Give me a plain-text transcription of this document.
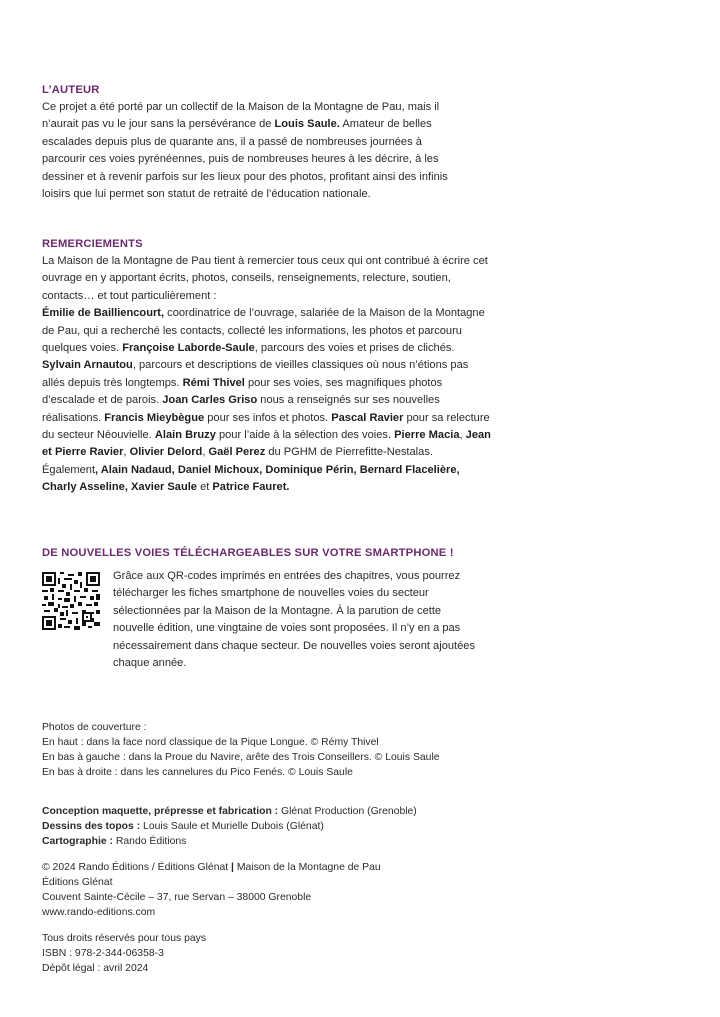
L’AUTEUR

Ce projet a été porté par un collectif de la Maison de la Montagne de Pau, mais il n’aurait pas vu le jour sans la persévérance de Louis Saule. Amateur de belles escalades depuis plus de quarante ans, il a passé de nombreuses journées à parcourir ces voies pyrénéennes, puis de nombreuses heures à les décrire, à les dessiner et à revenir parfois sur les lieux pour des photos, profitant ainsi des infinis loisirs que lui permet son statut de retraité de l’éducation nationale.

REMERCIEMENTS

La Maison de la Montagne de Pau tient à remercier tous ceux qui ont contribué à écrire cet ouvrage en y apportant écrits, photos, conseils, renseignements, relecture, soutien, contacts… et tout particulièrement :

Émilie de Bailliencourt, coordinatrice de l’ouvrage, salariée de la Maison de la Montagne de Pau, qui a recherché les contacts, collecté les informations, les photos et parcouru quelques voies. Françoise Laborde-Saule, parcours des voies et prises de clichés. Sylvain Arnautou, parcours et descriptions de vieilles classiques où nous n’étions pas allés depuis très longtemps. Rémi Thivel pour ses voies, ses magnifiques photos d’escalade et de parois. Joan Carles Griso nous a renseignés sur ses nouvelles réalisations. Francis Mieybègue pour ses infos et photos. Pascal Ravier pour sa relecture du secteur Néouvielle. Alain Bruzy pour l’aide à la sélection des voies. Pierre Macia, Jean et Pierre Ravier, Olivier Delord, Gaël Perez du PGHM de Pierrefitte-Nestalas.

Également, Alain Nadaud, Daniel Michoux, Dominique Périn, Bernard Flacelière, Charly Asseline, Xavier Saule et Patrice Fauret.

DE NOUVELLES VOIES TÉLÉCHARGEABLES SUR VOTRE SMARTPHONE !

Grâce aux QR-codes imprimés en entrées des chapitres, vous pourrez télécharger les fiches smartphone de nouvelles voies du secteur sélectionnées par la Maison de la Montagne. À la parution de cette nouvelle édition, une vingtaine de voies sont proposées. Il n’y en a pas nécessairement dans chaque secteur. De nouvelles voies seront ajoutées chaque année.

Photos de couverture :

En haut : dans la face nord classique de la Pique Longue. © Rémy Thivel

En bas à gauche : dans la Proue du Navire, arête des Trois Conseillers. © Louis Saule

En bas à droite : dans les cannelures du Pico Fenés. © Louis Saule

Conception maquette, prépresse et fabrication : Glénat Production (Grenoble)

Dessins des topos : Louis Saule et Murielle Dubois (Glénat)

Cartographie : Rando Éditions

© 2024 Rando Éditions / Éditions Glénat | Maison de la Montagne de Pau

Éditions Glénat

Couvent Sainte-Cécile – 37, rue Servan – 38000 Grenoble

www.rando-editions.com

Tous droits réservés pour tous pays

ISBN : 978-2-344-06358-3

Dépôt légal : avril 2024
